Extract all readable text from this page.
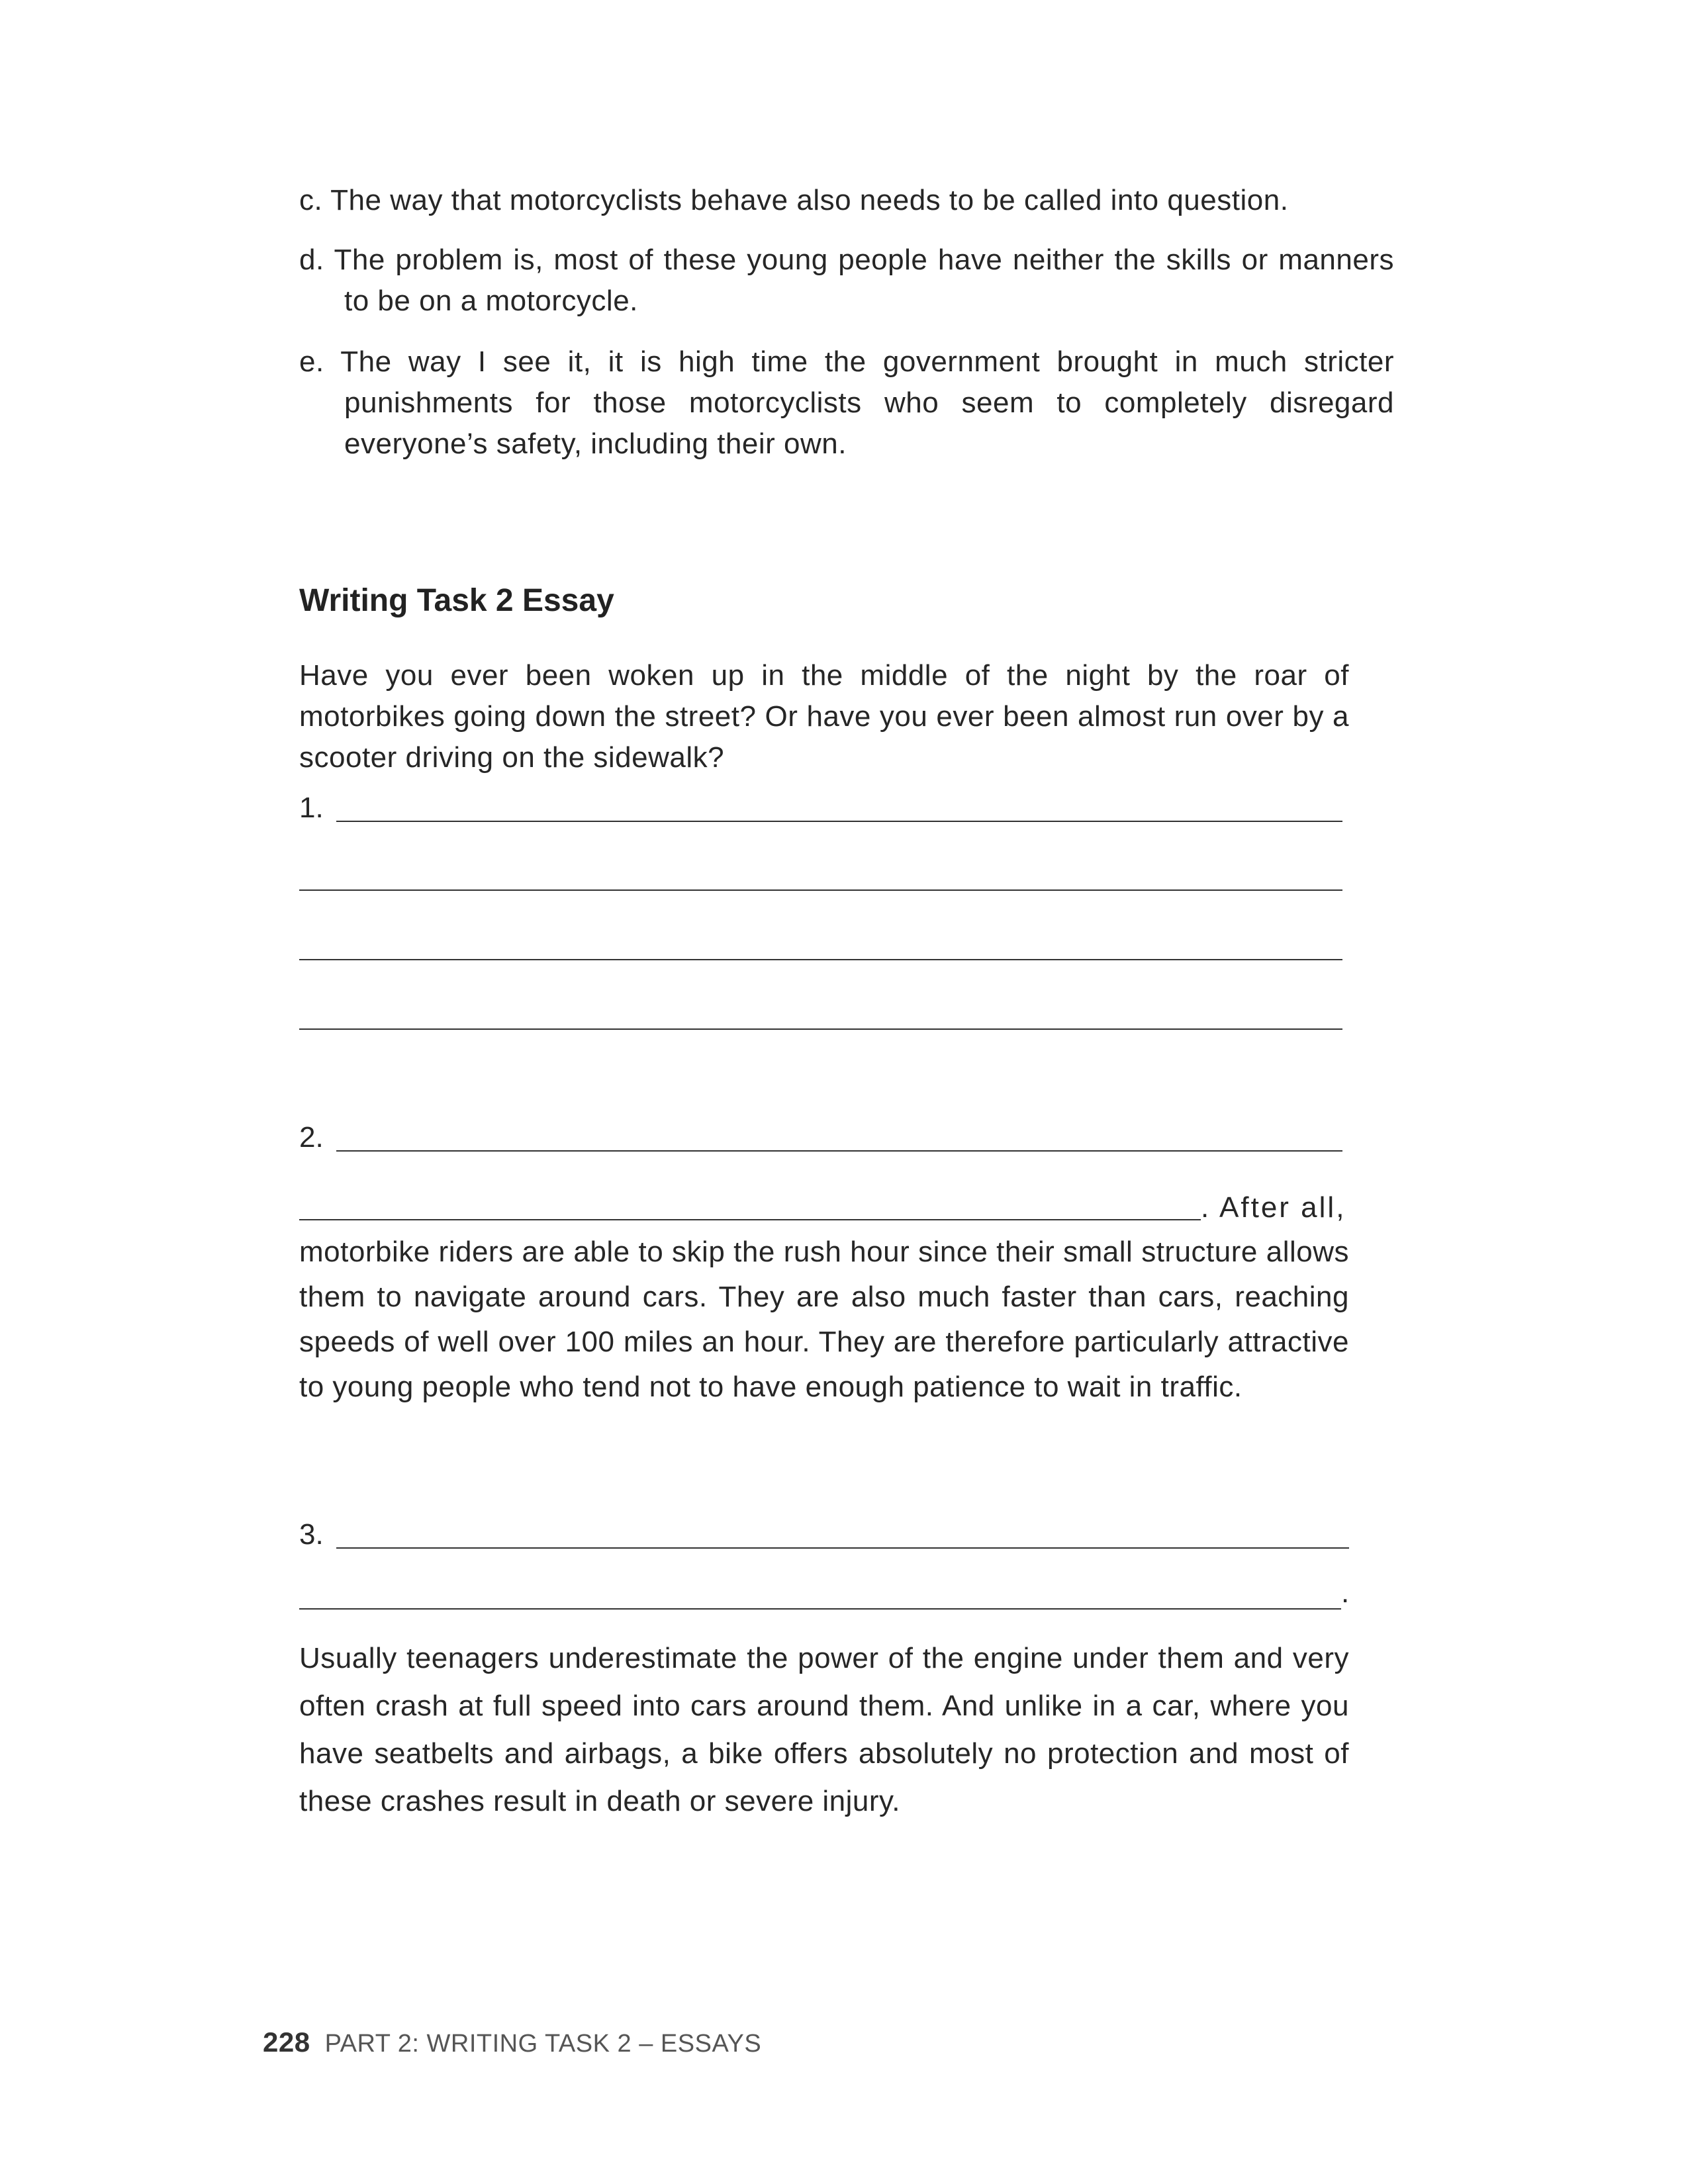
c. The way that motorcyclists behave also needs to be called into question.

d. The problem is, most of these young people have neither the skills or manners to be on a motorcycle.

e. The way I see it, it is high time the government brought in much stricter punishments for those motorcyclists who seem to completely disregard everyone’s safety, including their own.

Writing Task 2 Essay

Have you ever been woken up in the middle of the night by the roar of motorbikes going down the street? Or have you ever been almost run over by a scooter driving on the sidewalk?

1.

2.

. After all,

motorbike riders are able to skip the rush hour since their small structure allows them to navigate around cars. They are also much faster than cars, reaching speeds of well over 100 miles an hour. They are therefore particularly attractive to young people who tend not to have enough patience to wait in traffic.

3.

.

Usually teenagers underestimate the power of the engine under them and very often crash at full speed into cars around them. And unlike in a car, where you have seatbelts and airbags, a bike offers absolutely no protection and most of these crashes result in death or severe injury.

228 PART 2: WRITING TASK 2 – ESSAYS
